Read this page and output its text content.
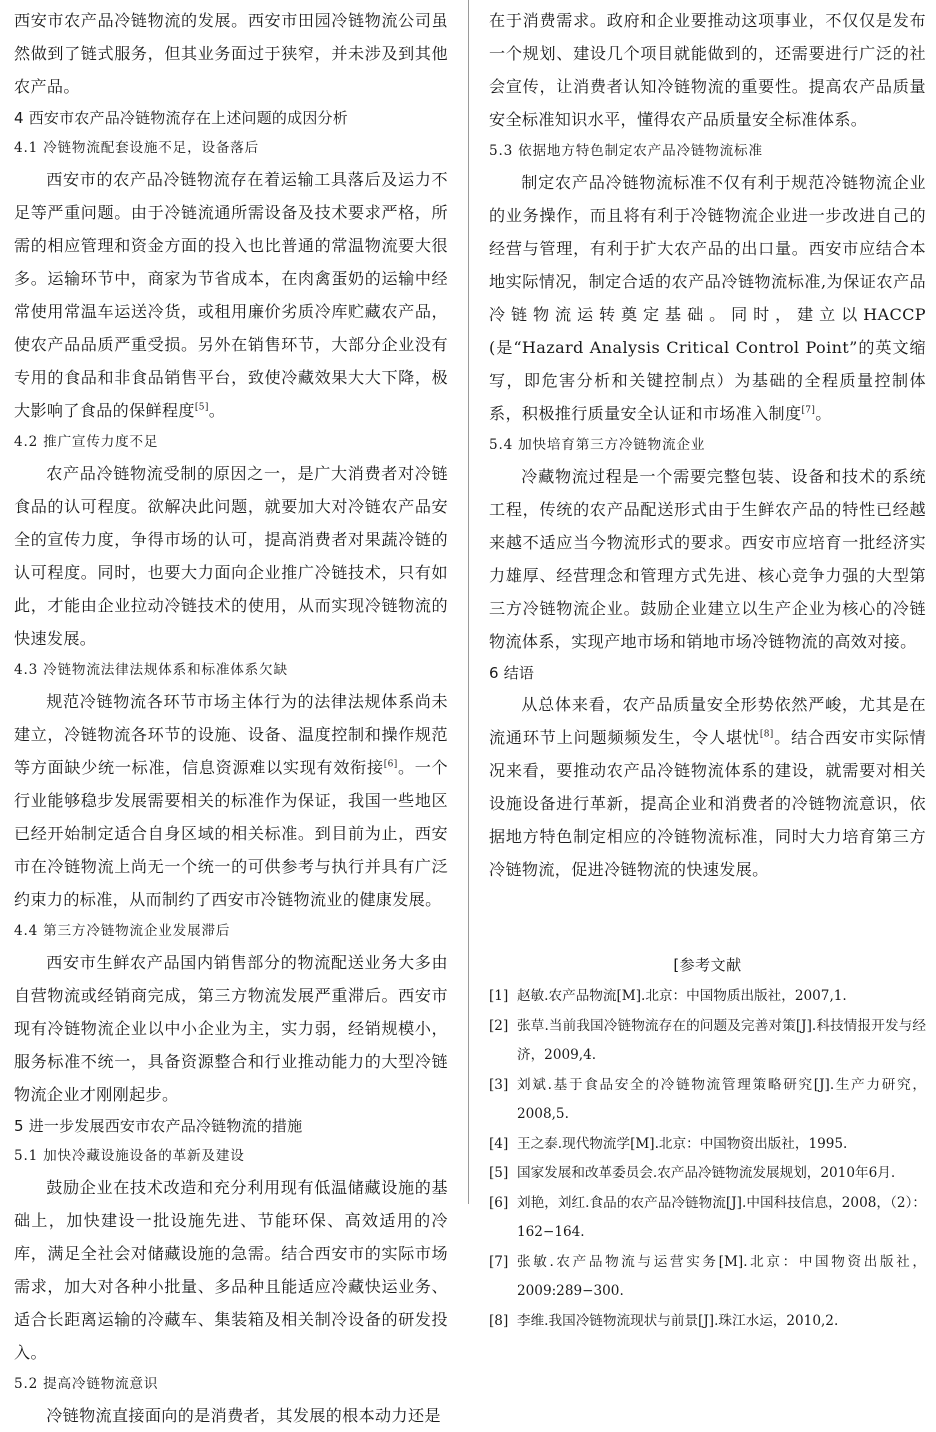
西安市农产品冷链物流的发展。西安市田园冷链物流公司虽然做到了链式服务，但其业务面过于狭窄，并未涉及到其他农产品。

4 西安市农产品冷链物流存在上述问题的成因分析

4.1 冷链物流配套设施不足，设备落后

西安市的农产品冷链物流存在着运输工具落后及运力不足等严重问题。由于冷链流通所需设备及技术要求严格，所需的相应管理和资金方面的投入也比普通的常温物流要大很多。运输环节中，商家为节省成本，在肉禽蛋奶的运输中经常使用常温车运送冷货，或租用廉价劣质冷库贮藏农产品，使农产品品质严重受损。另外在销售环节，大部分企业没有专用的食品和非食品销售平台，致使冷藏效果大大下降，极大影响了食品的保鲜程度[5]。

4.2 推广宣传力度不足

农产品冷链物流受制的原因之一，是广大消费者对冷链食品的认可程度。欲解决此问题，就要加大对冷链农产品安全的宣传力度，争得市场的认可，提高消费者对果蔬冷链的认可程度。同时，也要大力面向企业推广冷链技术，只有如此，才能由企业拉动冷链技术的使用，从而实现冷链物流的快速发展。

4.3 冷链物流法律法规体系和标准体系欠缺

规范冷链物流各环节市场主体行为的法律法规体系尚未建立，冷链物流各环节的设施、设备、温度控制和操作规范等方面缺少统一标准，信息资源难以实现有效衔接[6]。一个行业能够稳步发展需要相关的标准作为保证，我国一些地区已经开始制定适合自身区域的相关标准。到目前为止，西安市在冷链物流上尚无一个统一的可供参考与执行并具有广泛约束力的标准，从而制约了西安市冷链物流业的健康发展。

4.4 第三方冷链物流企业发展滞后

西安市生鲜农产品国内销售部分的物流配送业务大多由自营物流或经销商完成，第三方物流发展严重滞后。西安市现有冷链物流企业以中小企业为主，实力弱，经销规模小，服务标准不统一，具备资源整合和行业推动能力的大型冷链物流企业才刚刚起步。

5 进一步发展西安市农产品冷链物流的措施

5.1 加快冷藏设施设备的革新及建设

鼓励企业在技术改造和充分利用现有低温储藏设施的基础上，加快建设一批设施先进、节能环保、高效适用的冷库，满足全社会对储藏设施的急需。结合西安市的实际市场需求，加大对各种小批量、多品种且能适应冷藏快运业务、适合长距离运输的冷藏车、集装箱及相关制冷设备的研发投入。

5.2 提高冷链物流意识

冷链物流直接面向的是消费者，其发展的根本动力还是

在于消费需求。政府和企业要推动这项事业，不仅仅是发布一个规划、建设几个项目就能做到的，还需要进行广泛的社会宣传，让消费者认知冷链物流的重要性。提高农产品质量安全标准知识水平，懂得农产品质量安全标准体系。

5.3 依据地方特色制定农产品冷链物流标准

制定农产品冷链物流标准不仅有利于规范冷链物流企业的业务操作，而且将有利于冷链物流企业进一步改进自己的经营与管理，有利于扩大农产品的出口量。西安市应结合本地实际情况，制定合适的农产品冷链物流标准,为保证农产品冷链物流运转奠定基础。同时，建立以HACCP (是“Hazard Analysis Critical Control Point”的英文缩写，即危害分析和关键控制点）为基础的全程质量控制体系，积极推行质量安全认证和市场准入制度[7]。

5.4 加快培育第三方冷链物流企业

冷藏物流过程是一个需要完整包装、设备和技术的系统工程，传统的农产品配送形式由于生鲜农产品的特性已经越来越不适应当今物流形式的要求。西安市应培育一批经济实力雄厚、经营理念和管理方式先进、核心竞争力强的大型第三方冷链物流企业。鼓励企业建立以生产企业为核心的冷链物流体系，实现产地市场和销地市场冷链物流的高效对接。

6 结语

从总体来看，农产品质量安全形势依然严峻，尤其是在流通环节上问题频频发生，令人堪忧[8]。结合西安市实际情况来看，要推动农产品冷链物流体系的建设，就需要对相关设施设备进行革新，提高企业和消费者的冷链物流意识，依据地方特色制定相应的冷链物流标准，同时大力培育第三方冷链物流，促进冷链物流的快速发展。

[参考文献
[1] 赵敏.农产品物流[M].北京：中国物质出版社，2007,1.
[2] 张草.当前我国冷链物流存在的问题及完善对策[J].科技情报开发与经济，2009,4.
[3] 刘斌.基于食品安全的冷链物流管理策略研究[J].生产力研究，2008,5.
[4] 王之泰.现代物流学[M].北京：中国物资出版社，1995.
[5] 国家发展和改革委员会.农产品冷链物流发展规划，2010年6月.
[6] 刘艳，刘红.食品的农产品冷链物流[J].中国科技信息，2008，（2）：162−164.
[7] 张敏.农产品物流与运营实务[M].北京：中国物资出版社，2009:289−300.
[8] 李维.我国冷链物流现状与前景[J].珠江水运，2010,2.
